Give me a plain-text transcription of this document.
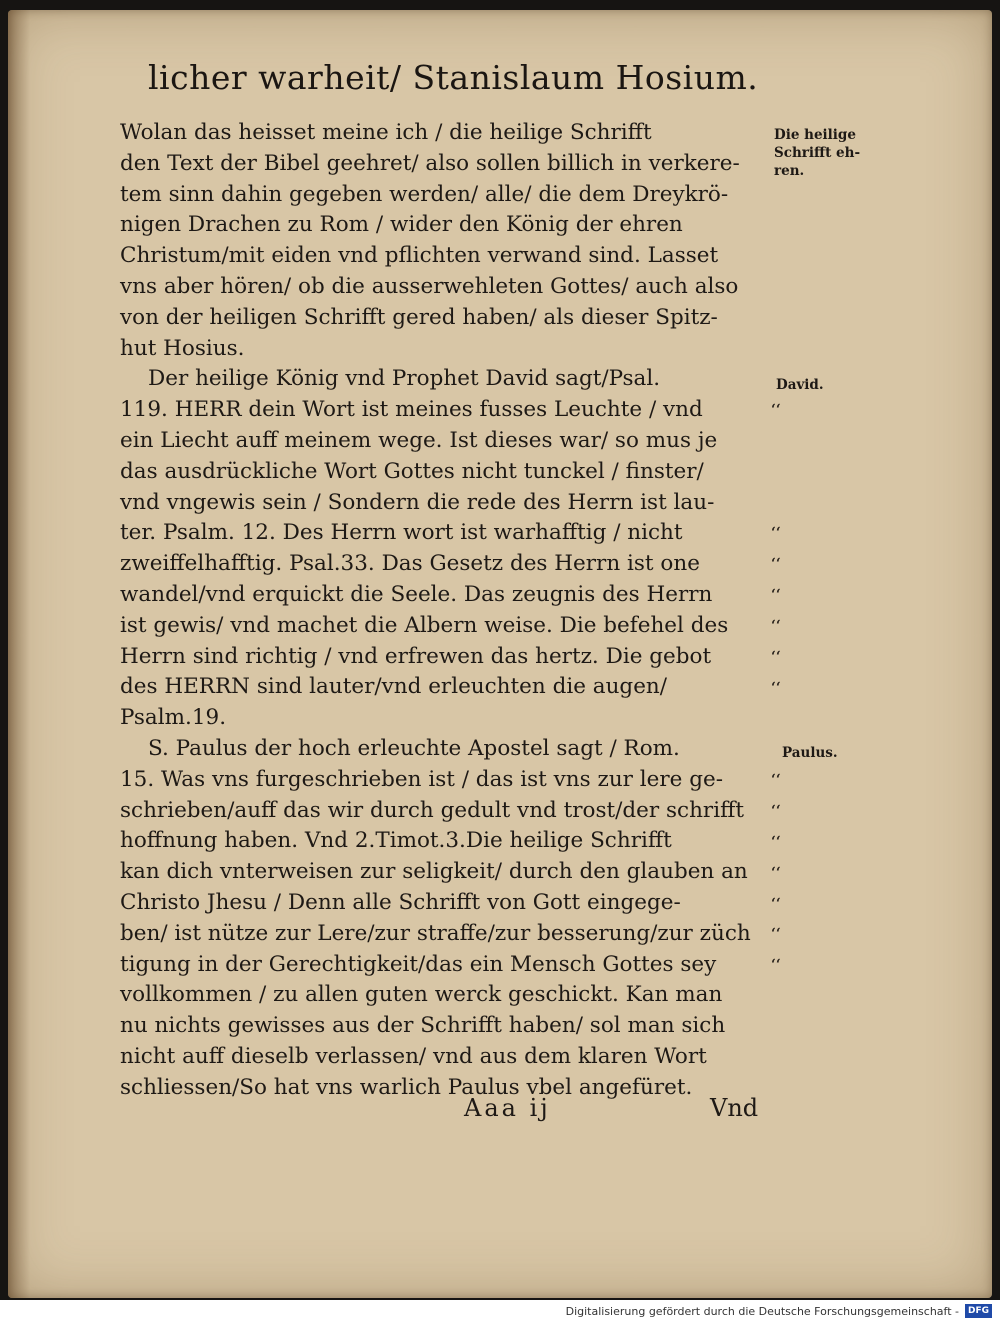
licher warheit/ Stanislaum Hosium.
Wolan das heisset meine ich / die heilige Schrifft
den Text der Bibel geehret/ also sollen billich in verkere-
tem sinn dahin gegeben werden/ alle/ die dem Dreykrö-
nigen Drachen zu Rom / wider den König der ehren
Christum/mit eiden vnd pflichten verwand sind. Lasset
vns aber hören/ ob die ausserwehleten Gottes/ auch also
von der heiligen Schrifft gered haben/ als dieser Spitz-
hut Hosius.
Der heilige König vnd Prophet David sagt/Psal.
119. HERR dein Wort ist meines fusses Leuchte / vnd
ein Liecht auff meinem wege. Ist dieses war/ so mus je
das ausdrückliche Wort Gottes nicht tunckel / finster/
vnd vngewis sein / Sondern die rede des Herrn ist lau-
ter. Psalm. 12. Des Herrn wort ist warhafftig / nicht
zweiffelhafftig. Psal.33. Das Gesetz des Herrn ist one
wandel/vnd erquickt die Seele. Das zeugnis des Herrn
ist gewis/ vnd machet die Albern weise. Die befehel des
Herrn sind richtig / vnd erfrewen das hertz. Die gebot
des HERRN sind lauter/vnd erleuchten die augen/
Psalm.19.
S. Paulus der hoch erleuchte Apostel sagt / Rom.
15. Was vns furgeschrieben ist / das ist vns zur lere ge-
schrieben/auff das wir durch gedult vnd trost/der schrifft
hoffnung haben. Vnd 2.Timot.3.Die heilige Schrifft
kan dich vnterweisen zur seligkeit/ durch den glauben an
Christo Jhesu / Denn alle Schrifft von Gott eingege-
ben/ ist nütze zur Lere/zur straffe/zur besserung/zur züch
tigung in der Gerechtigkeit/das ein Mensch Gottes sey
vollkommen / zu allen guten werck geschickt. Kan man
nu nichts gewisses aus der Schrifft haben/ sol man sich
nicht auff dieselb verlassen/ vnd aus dem klaren Wort
schliessen/So hat vns warlich Paulus vbel angefüret.
Die heilige
Schrifft eh-
ren.
David.
Paulus.
‘‘
‘‘
‘‘
‘‘
‘‘
‘‘
‘‘
‘‘
‘‘
‘‘
‘‘
‘‘
‘‘
‘‘
Aaa ij	Vnd
Digitalisierung gefördert durch die Deutsche Forschungsgemeinschaft - DFG
